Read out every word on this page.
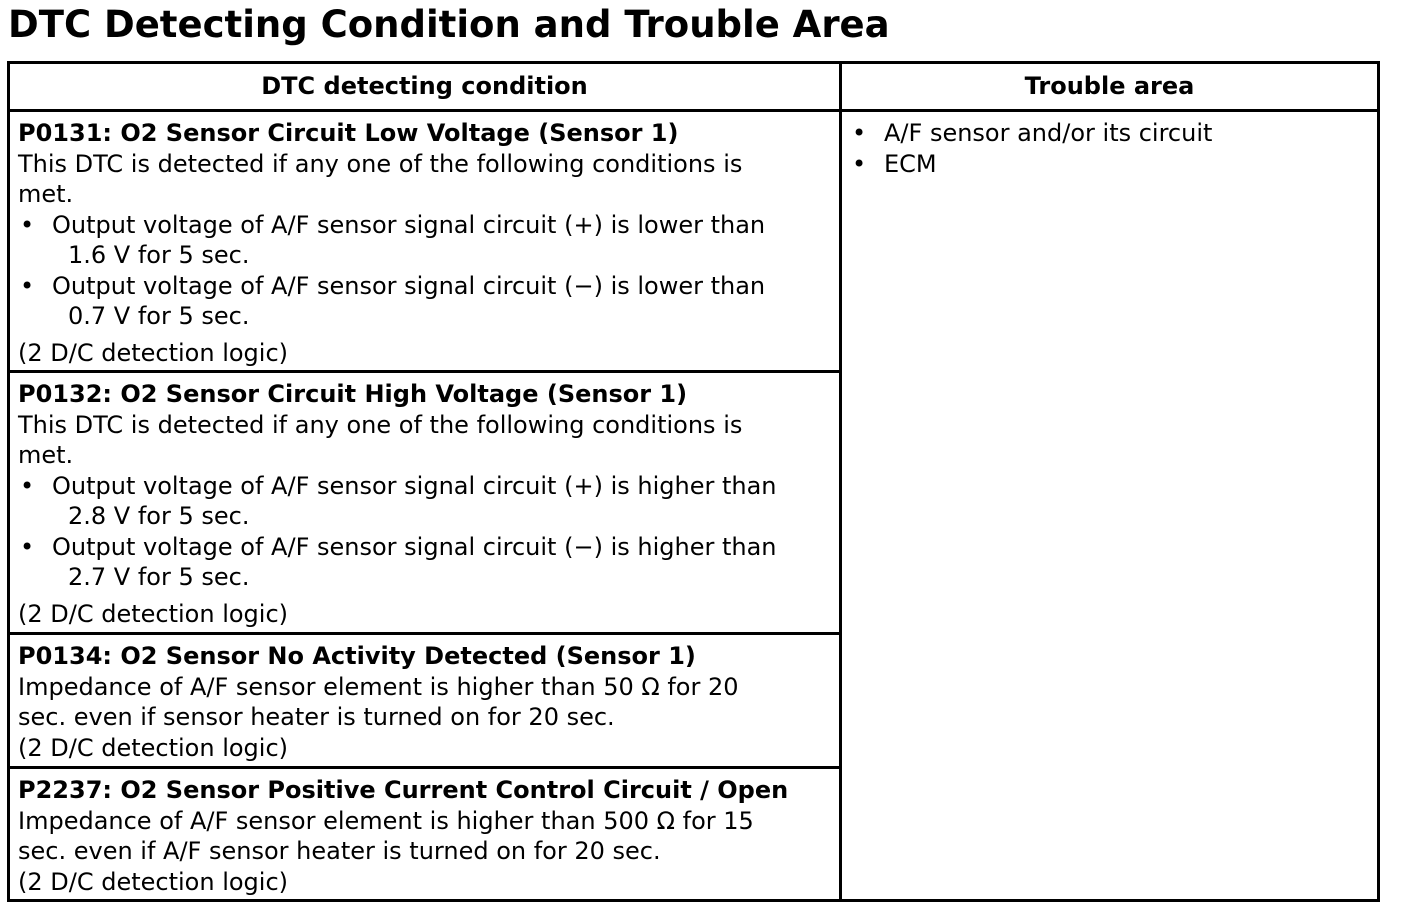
DTC Detecting Condition and Trouble Area
DTC detecting condition	Trouble area
P0131: O2 Sensor Circuit Low Voltage (Sensor 1)
This DTC is detected if any one of the following conditions is
met.
• Output voltage of A/F sensor signal circuit (+) is lower than
1.6 V for 5 sec.
• Output voltage of A/F sensor signal circuit (−) is lower than
0.7 V for 5 sec.
(2 D/C detection logic)
P0132: O2 Sensor Circuit High Voltage (Sensor 1)
This DTC is detected if any one of the following conditions is
met.
• Output voltage of A/F sensor signal circuit (+) is higher than
2.8 V for 5 sec.
• Output voltage of A/F sensor signal circuit (−) is higher than
2.7 V for 5 sec.
(2 D/C detection logic)
P0134: O2 Sensor No Activity Detected (Sensor 1)
Impedance of A/F sensor element is higher than 50 Ω for 20
sec. even if sensor heater is turned on for 20 sec.
(2 D/C detection logic)
P2237: O2 Sensor Positive Current Control Circuit / Open
Impedance of A/F sensor element is higher than 500 Ω for 15
sec. even if A/F sensor heater is turned on for 20 sec.
(2 D/C detection logic)
• A/F sensor and/or its circuit
• ECM
